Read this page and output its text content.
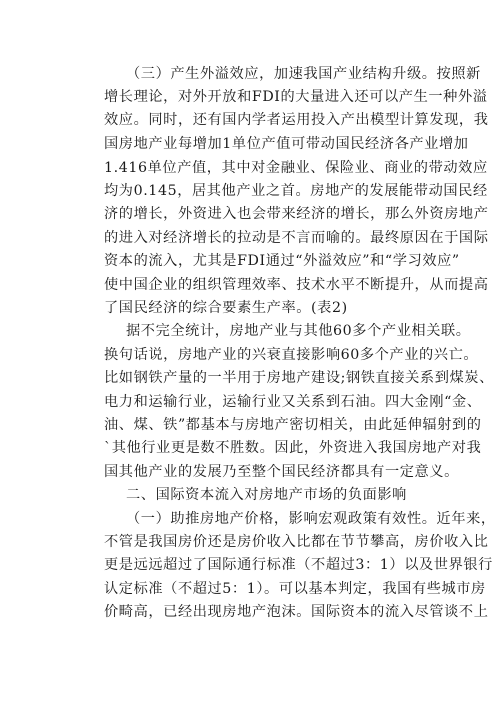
（三）产生外溢效应，加速我国产业结构升级。按照新
增长理论，对外开放和FDI的大量进入还可以产生一种外溢
效应。同时，还有国内学者运用投入产出模型计算发现，我
国房地产业每增加1单位产值可带动国民经济各产业增加
1.416单位产值，其中对金融业、保险业、商业的带动效应
均为0.145，居其他产业之首。房地产的发展能带动国民经
济的增长，外资进入也会带来经济的增长，那么外资房地产
的进入对经济增长的拉动是不言而喻的。最终原因在于国际
资本的流入，尤其是FDI通过“外溢效应”和“学习效应”
使中国企业的组织管理效率、技术水平不断提升，从而提高
了国民经济的综合要素生产率。(表2)
据不完全统计，房地产业与其他60多个产业相关联。
换句话说，房地产业的兴衰直接影响60多个产业的兴亡。
比如钢铁产量的一半用于房地产建设;钢铁直接关系到煤炭、
电力和运输行业，运输行业又关系到石油。四大金刚“金、
油、煤、铁”都基本与房地产密切相关，由此延伸辐射到的
`其他行业更是数不胜数。因此，外资进入我国房地产对我
国其他产业的发展乃至整个国民经济都具有一定意义。
二、国际资本流入对房地产市场的负面影响
（一）助推房地产价格，影响宏观政策有效性。近年来，
不管是我国房价还是房价收入比都在节节攀高，房价收入比
更是远远超过了国际通行标准（不超过3：1）以及世界银行
认定标准（不超过5：1）。可以基本判定，我国有些城市房
价畸高，已经出现房地产泡沫。国际资本的流入尽管谈不上
